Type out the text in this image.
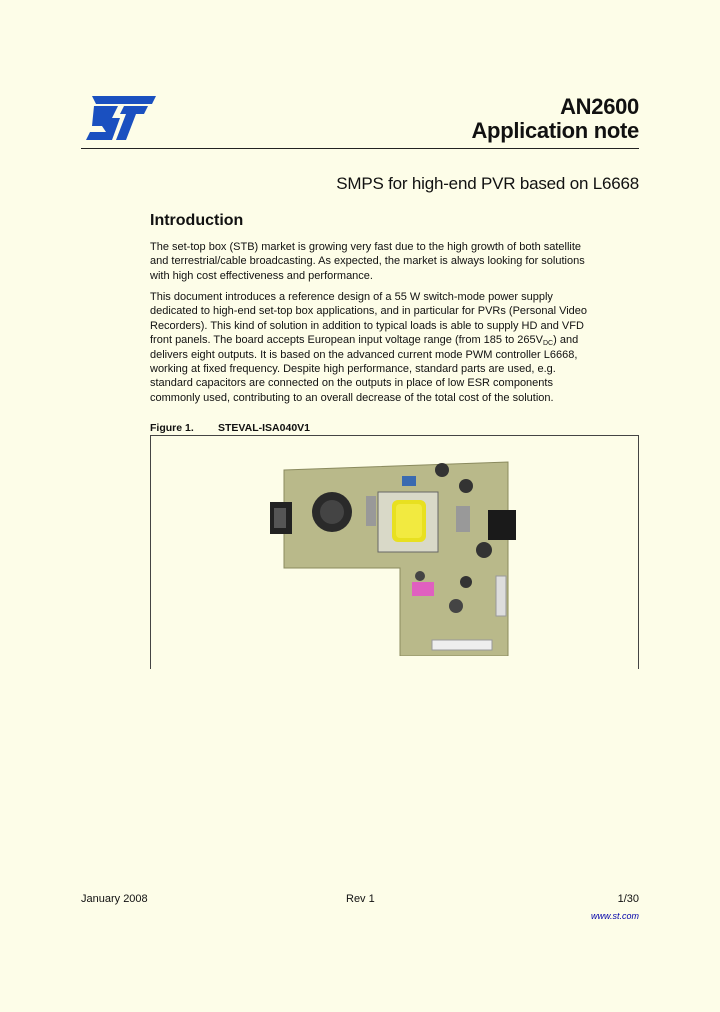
AN2600
Application note
SMPS for high-end PVR based on L6668
Introduction
The set-top box (STB) market is growing very fast due to the high growth of both satellite
and terrestrial/cable broadcasting. As expected, the market is always looking for solutions
with high cost effectiveness and performance.
This document introduces a reference design of a 55 W switch-mode power supply
dedicated to high-end set-top box applications, and in particular for PVRs (Personal Video
Recorders). This kind of solution in addition to typical loads is able to supply HD and VFD
front panels. The board accepts European input voltage range (from 185 to $265V_{DC}$) and
delivers eight outputs. It is based on the advanced current mode PWM controller L6668,
working at fixed frequency. Despite high performance, standard parts are used, e.g.
standard capacitors are connected on the outputs in place of low ESR components
commonly used, contributing to an overall decrease of the total cost of the solution.
Figure 1. STEVAL-ISA040V1
January 2008	Rev 1	1/30
www.st.com
